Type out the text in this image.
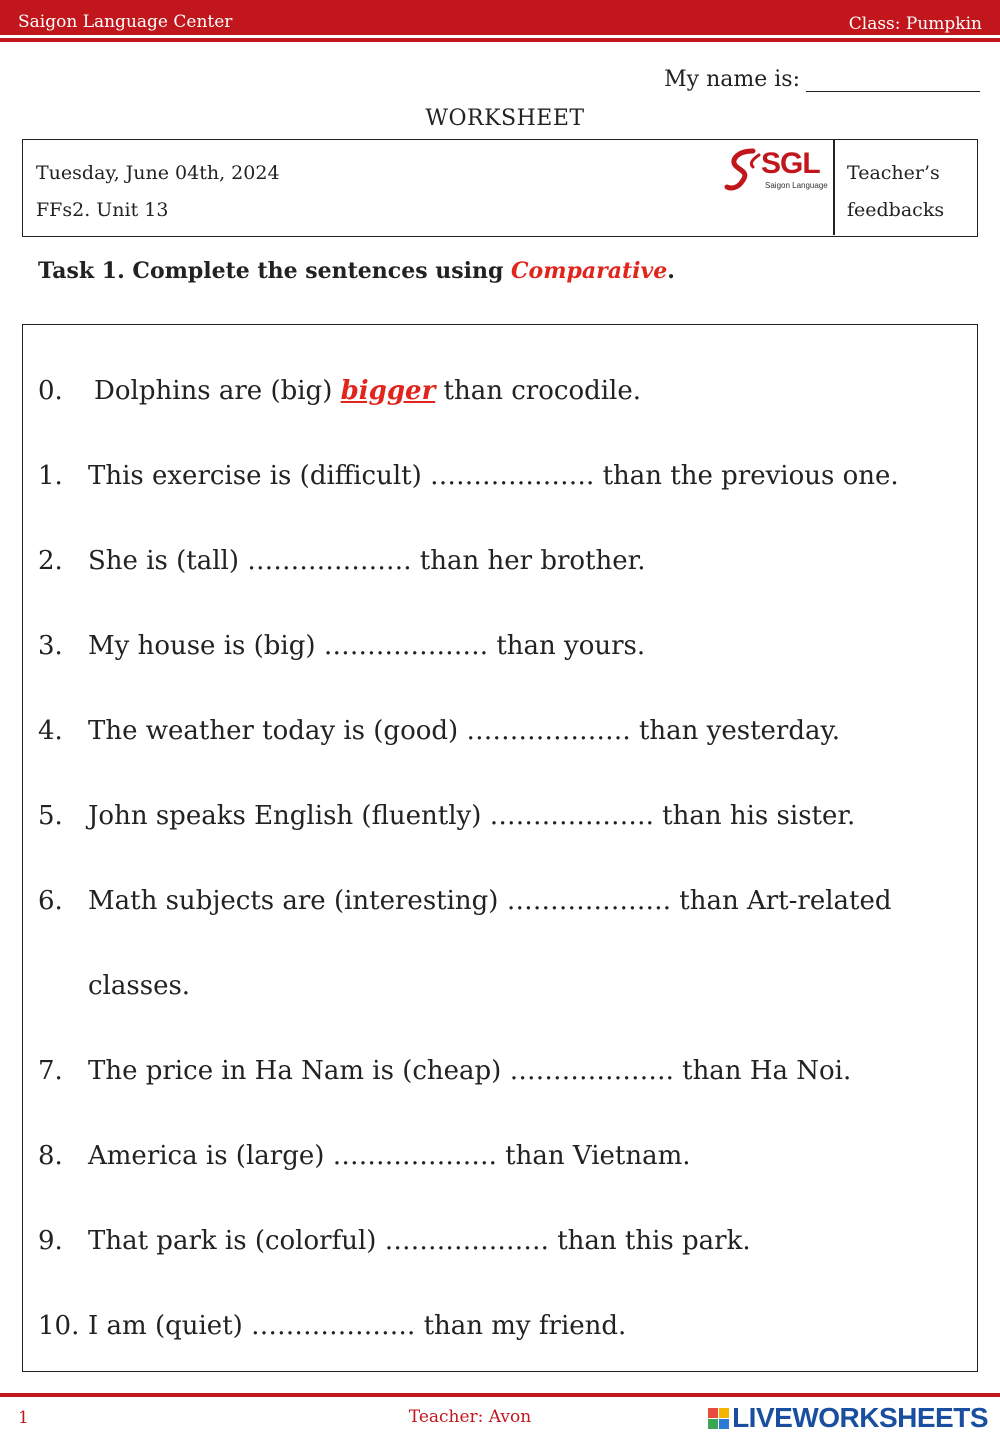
Saigon Language Center	Class: Pumpkin
My name is:
WORKSHEET
Tuesday, June 04th, 2024
FFs2. Unit 13
SGL
Saigon Language
Teacher’s
feedbacks
Task 1. Complete the sentences using Comparative.
0. Dolphins are (big) bigger than crocodile.
1. This exercise is (difficult) ………………. than the previous one.
2. She is (tall) ………………. than her brother.
3. My house is (big) ………………. than yours.
4. The weather today is (good) ………………. than yesterday.
5. John speaks English (fluently) ………………. than his sister.
6. Math subjects are (interesting) ………………. than Art-related
classes.
7. The price in Ha Nam is (cheap) ………………. than Ha Noi.
8. America is (large) ………………. than Vietnam.
9. That park is (colorful) ………………. than this park.
10. I am (quiet) ………………. than my friend.
1	Teacher: Avon	LIVEWORKSHEETS
